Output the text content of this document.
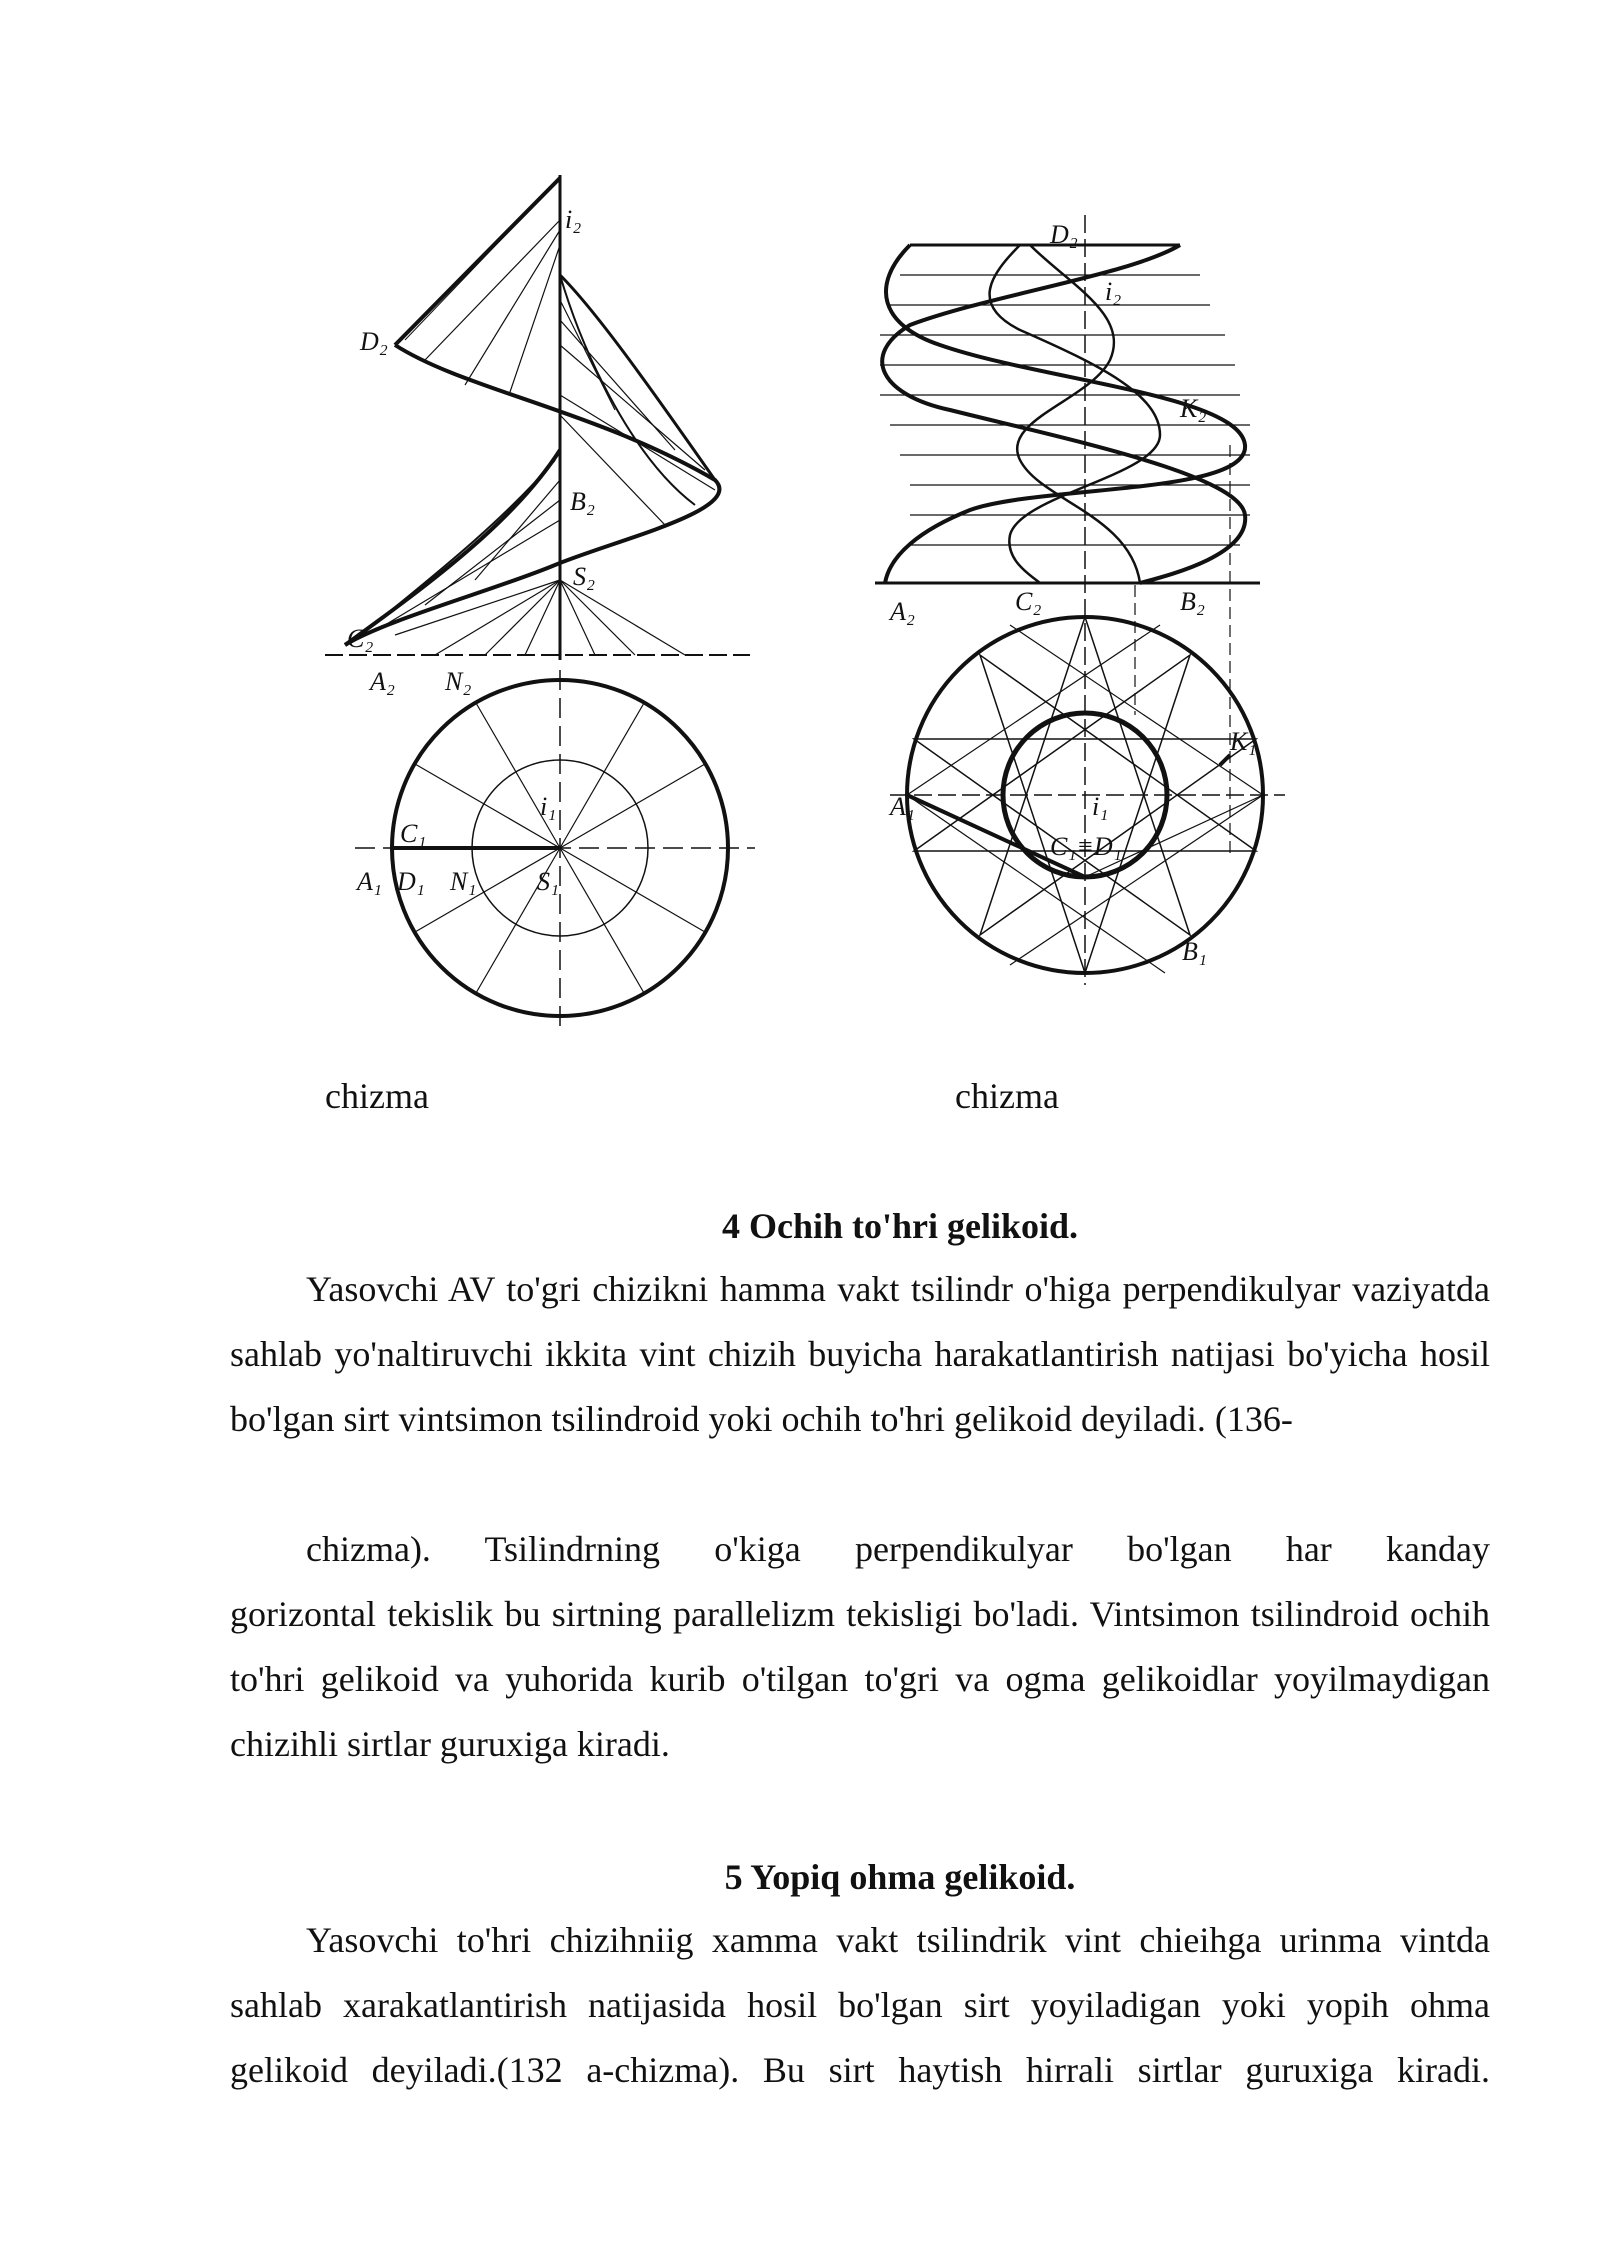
i₂
D₂
B₂
S₂
C₂
A₂ N₂
i₁
C₁
A₁ D₁ N₁ S₁
D₂
i₂
K₂
A₂	C₂	B₂
K₁
A₁	i₁
C₁≡D₁
B₁
chizma	chizma
4 Ochih to'hri gelikoid.
Yasovchi AV to'gri chizikni hamma vakt tsilindr o'higa perpendikulyar vaziyatda sahlab yo'naltiruvchi ikkita vint chizih buyicha harakatlantirish natijasi bo'yicha hosil bo'lgan sirt vintsimon tsilindroid yoki ochih to'hri gelikoid deyiladi. (136-
chizma). Tsilindrning o'kiga perpendikulyar bo'lgan har kanday
gorizontal tekislik bu sirtning parallelizm tekisligi bo'ladi. Vintsimon tsilindroid ochih to'hri gelikoid va yuhorida kurib o'tilgan to'gri va ogma gelikoidlar yoyilmaydigan chizihli sirtlar guruxiga kiradi.
5 Yopiq ohma gelikoid.
Yasovchi to'hri chizihniig xamma vakt tsilindrik vint chieihga urinma vintda sahlab xarakatlantirish natijasida hosil bo'lgan sirt yoyiladigan yoki yopih ohma gelikoid deyiladi.(132 a-chizma). Bu sirt haytish hirrali sirtlar guruxiga kiradi.
